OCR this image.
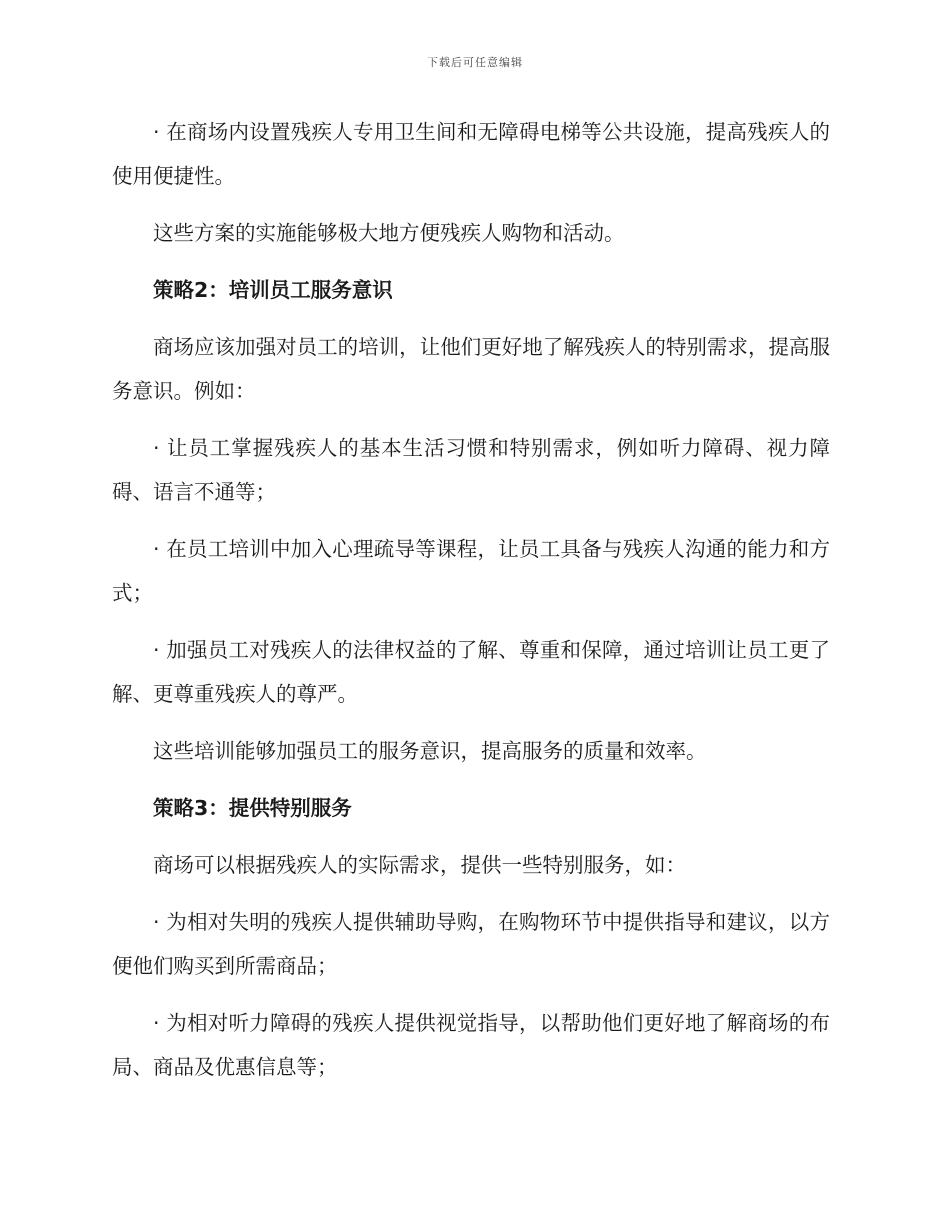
下载后可任意编辑

· 在商场内设置残疾人专用卫生间和无障碍电梯等公共设施，提高残疾人的使用便捷性。

这些方案的实施能够极大地方便残疾人购物和活动。

策略2：培训员工服务意识

商场应该加强对员工的培训，让他们更好地了解残疾人的特别需求，提高服务意识。例如：

· 让员工掌握残疾人的基本生活习惯和特别需求，例如听力障碍、视力障碍、语言不通等；

· 在员工培训中加入心理疏导等课程，让员工具备与残疾人沟通的能力和方式；

· 加强员工对残疾人的法律权益的了解、尊重和保障，通过培训让员工更了解、更尊重残疾人的尊严。

这些培训能够加强员工的服务意识，提高服务的质量和效率。

策略3：提供特别服务

商场可以根据残疾人的实际需求，提供一些特别服务，如：

· 为相对失明的残疾人提供辅助导购，在购物环节中提供指导和建议，以方便他们购买到所需商品；

· 为相对听力障碍的残疾人提供视觉指导，以帮助他们更好地了解商场的布局、商品及优惠信息等；
